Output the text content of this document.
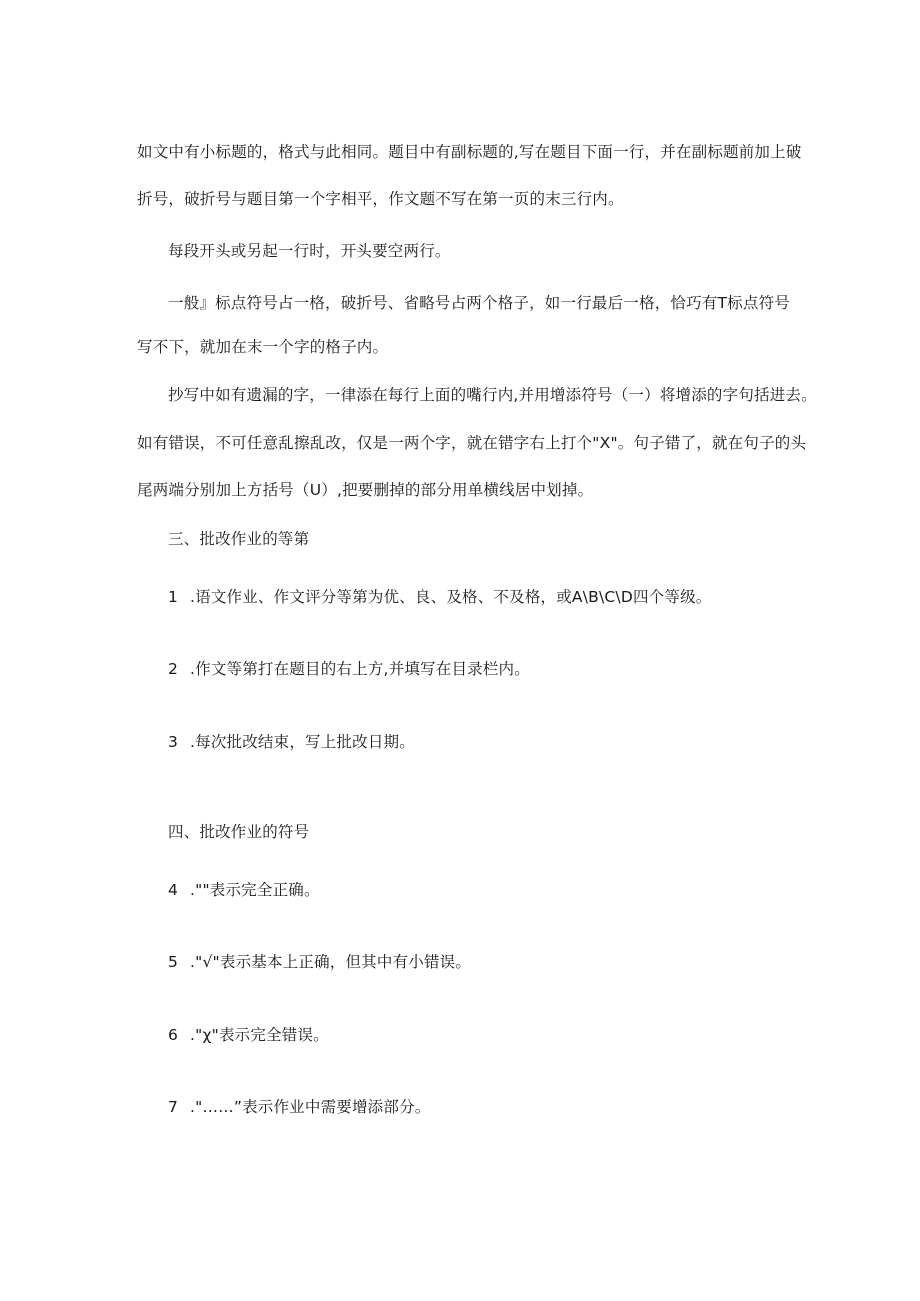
如文中有小标题的，格式与此相同。题目中有副标题的,写在题目下面一行，并在副标题前加上破
折号，破折号与题目第一个字相平，作文题不写在第一页的末三行内。
每段开头或另起一行时，开头要空两行。
一般』标点符号占一格，破折号、省略号占两个格子，如一行最后一格，恰巧有T标点符号
写不下，就加在末一个字的格子内。
抄写中如有遗漏的字，一律添在每行上面的嘴行内,并用增添符号（一）将增添的字句括进去。
如有错误，不可任意乱擦乱改，仅是一两个字，就在错字右上打个"X"。句子错了，就在句子的头
尾两端分别加上方括号（U）,把要删掉的部分用单横线居中划掉。
三、批改作业的等第
1 .语文作业、作文评分等第为优、良、及格、不及格，或A\B\C\D四个等级。
2 .作文等第打在题目的右上方,并填写在目录栏内。
3 .每次批改结束，写上批改日期。
四、批改作业的符号
4 .""表示完全正确。
5 ."√"表示基本上正确，但其中有小错误。
6 ."χ"表示完全错误。
7 ."……”表示作业中需要增添部分。
